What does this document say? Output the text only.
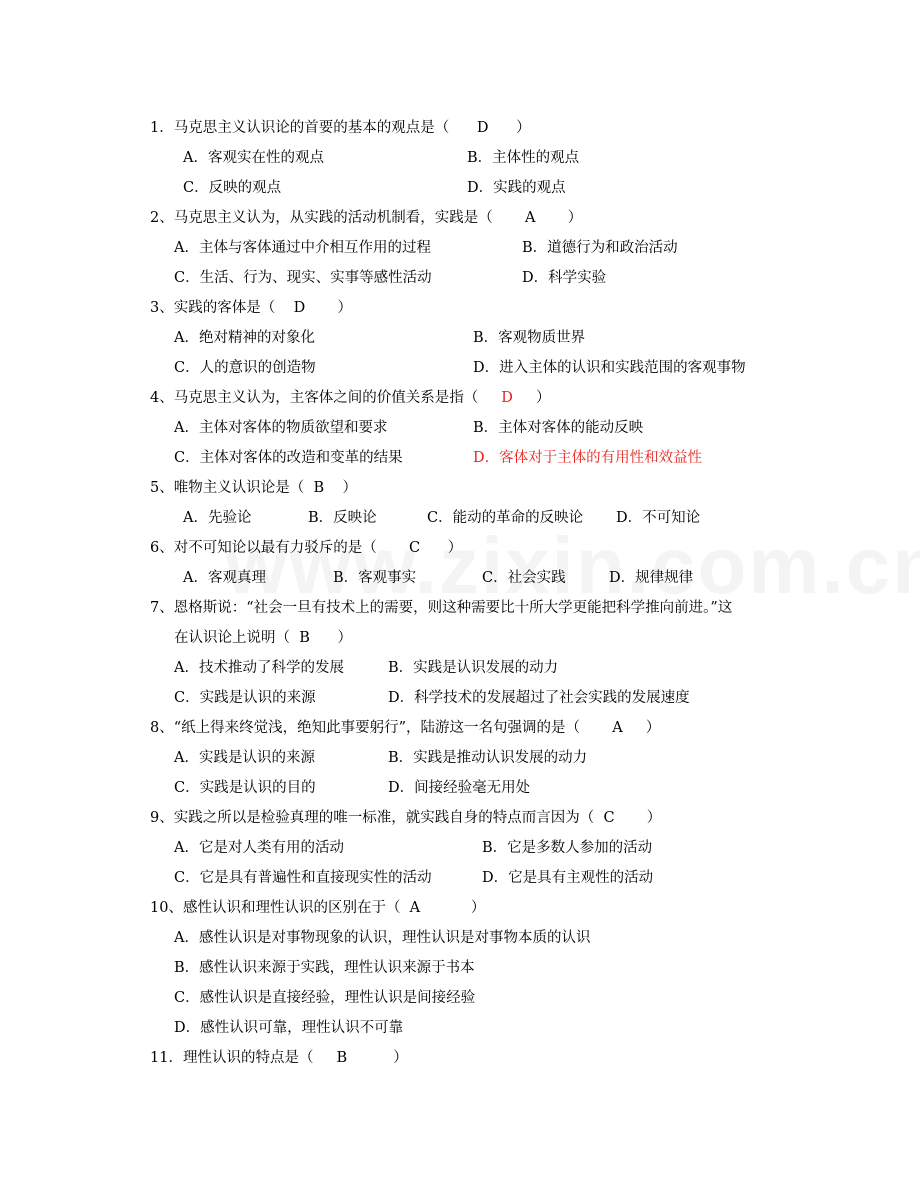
1．马克思主义认识论的首要的基本的观点是（      D      ）
A．客观实在性的观点	B．主体性的观点
C．反映的观点	D．实践的观点
2、马克思主义认为，从实践的活动机制看，实践是（       A       ）
A．主体与客体通过中介相互作用的过程	B．道德行为和政治活动
C．生活、行为、现实、实事等感性活动	D．科学实验
3、实践的客体是（    D       ）
A．绝对精神的对象化	B．客观物质世界
C．人的意识的创造物	D．进入主体的认识和实践范围的客观事物
4、马克思主义认为，主客体之间的价值关系是指（     D     ）
A．主体对客体的物质欲望和要求	B．主体对客体的能动反映
C．主体对客体的改造和变革的结果	D．客体对于主体的有用性和效益性
5、唯物主义认识论是（  B    ）
A．先验论	B．反映论	C．能动的革命的反映论 D．不可知论
6、对不可知论以最有力驳斥的是（       C      ）
A．客观真理	B．客观事实	C．社会实践	D．规律规律
7、恩格斯说：“社会一旦有技术上的需要，则这种需要比十所大学更能把科学推向前进。”这
在认识论上说明（  B      ）
A．技术推动了科学的发展	B．实践是认识发展的动力
C．实践是认识的来源	D．科学技术的发展超过了社会实践的发展速度
8、“纸上得来终觉浅，绝知此事要躬行”，陆游这一名句强调的是（       A     ）
A．实践是认识的来源	B．实践是推动认识发展的动力
C．实践是认识的目的	D．间接经验毫无用处
9、实践之所以是检验真理的唯一标准，就实践自身的特点而言因为（  C       ）
A．它是对人类有用的活动	B．它是多数人参加的活动
C．它是具有普遍性和直接现实性的活动	D．它是具有主观性的活动
10、感性认识和理性认识的区别在于（  A           ）
A．感性认识是对事物现象的认识，理性认识是对事物本质的认识
B．感性认识来源于实践，理性认识来源于书本
C．感性认识是直接经验，理性认识是间接经验
D．感性认识可靠，理性认识不可靠
11．理性认识的特点是（     B          ）
